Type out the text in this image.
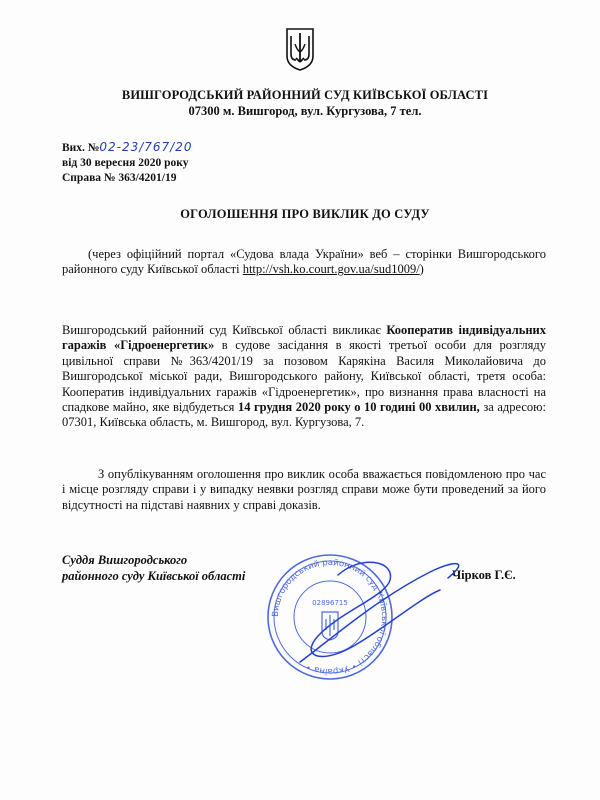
ВИШГОРОДСЬКИЙ РАЙОННИЙ СУД КИЇВСЬКОЇ ОБЛАСТІ
07300 м. Вишгород, вул. Кургузова, 7 тел.
Вих. №02-23/767/20
від 30 вересня 2020 року
Справа № 363/4201/19
ОГОЛОШЕННЯ ПРО ВИКЛИК ДО СУДУ
(через офіційний портал «Судова влада України» веб – сторінки Вишгородського районного суду Київської області http://vsh.ko.court.gov.ua/sud1009/)
Вишгородський районний суд Київської області викликає Кооператив індивідуальних гаражів «Гідроенергетик» в судове засідання в якості третьої особи для розгляду цивільної справи №363/4201/19 за позовом Карякіна Василя Миколайовича до Вишгородської міської ради, Вишгородського району, Київської області, третя особа: Кооператив індивідуальних гаражів «Гідроенергетик», про визнання права власності на спадкове майно, яке відбудеться 14 грудня 2020 року о 10 годині 00 хвилин, за адресою: 07301, Київська область, м. Вишгород, вул. Кургузова, 7.
З опублікуванням оголошення про виклик особа вважається повідомленою про час і місце розгляду справи і у випадку неявки розгляд справи може бути проведений за його відсутності на підставі наявних у справі доказів.
Суддя Вишгородського
районного суду Київської області	Чірков Г.Є.
Вишгородський районний суд Київської області • Україна •
02896715
